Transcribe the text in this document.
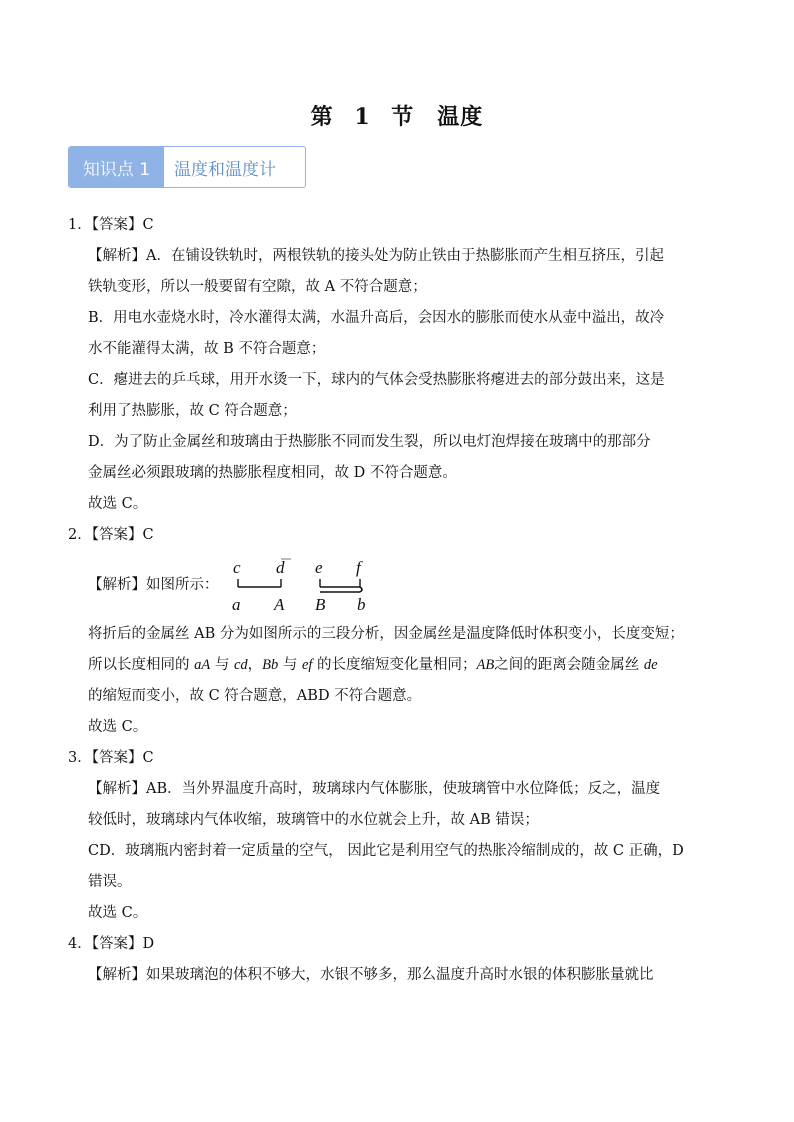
第 1 节　温度
知识点 1	温度和温度计

1．【答案】C

【解析】A．在铺设铁轨时，两根铁轨的接头处为防止铁由于热膨胀而产生相互挤压，引起

铁轨变形，所以一般要留有空隙，故 A 不符合题意；

B．用电水壶烧水时，冷水灌得太满，水温升高后，会因水的膨胀而使水从壶中溢出，故冷

水不能灌得太满，故 B 不符合题意；

C．瘪进去的乒乓球，用开水烫一下，球内的气体会受热膨胀将瘪进去的部分鼓出来，这是

利用了热膨胀，故 C 符合题意；

D．为了防止金属丝和玻璃由于热膨胀不同而发生裂，所以电灯泡焊接在玻璃中的那部分

金属丝必须跟玻璃的热膨胀程度相同，故 D 不符合题意。

故选 C。

2．【答案】C

【解析】 如图所示：
c d e f
a A B b

将折后的金属丝 AB 分为如图所示的三段分析，因金属丝是温度降低时体积变小，长度变短；

所以长度相同的 aA 与 cd，Bb 与 ef 的长度缩短变化量相同；AB之间的距离会随金属丝 de

的缩短而变小，故 C 符合题意，ABD 不符合题意。

故选 C。

3．【答案】C

【解析】AB．当外界温度升高时，玻璃球内气体膨胀，使玻璃管中水位降低；反之，温度

较低时，玻璃球内气体收缩，玻璃管中的水位就会上升，故 AB 错误；

CD．玻璃瓶内密封着一定质量的空气， 因此它是利用空气的热胀冷缩制成的，故 C 正确，D

错误。

故选 C。

4．【答案】D

【解析】如果玻璃泡的体积不够大，水银不够多，那么温度升高时水银的体积膨胀量就比
